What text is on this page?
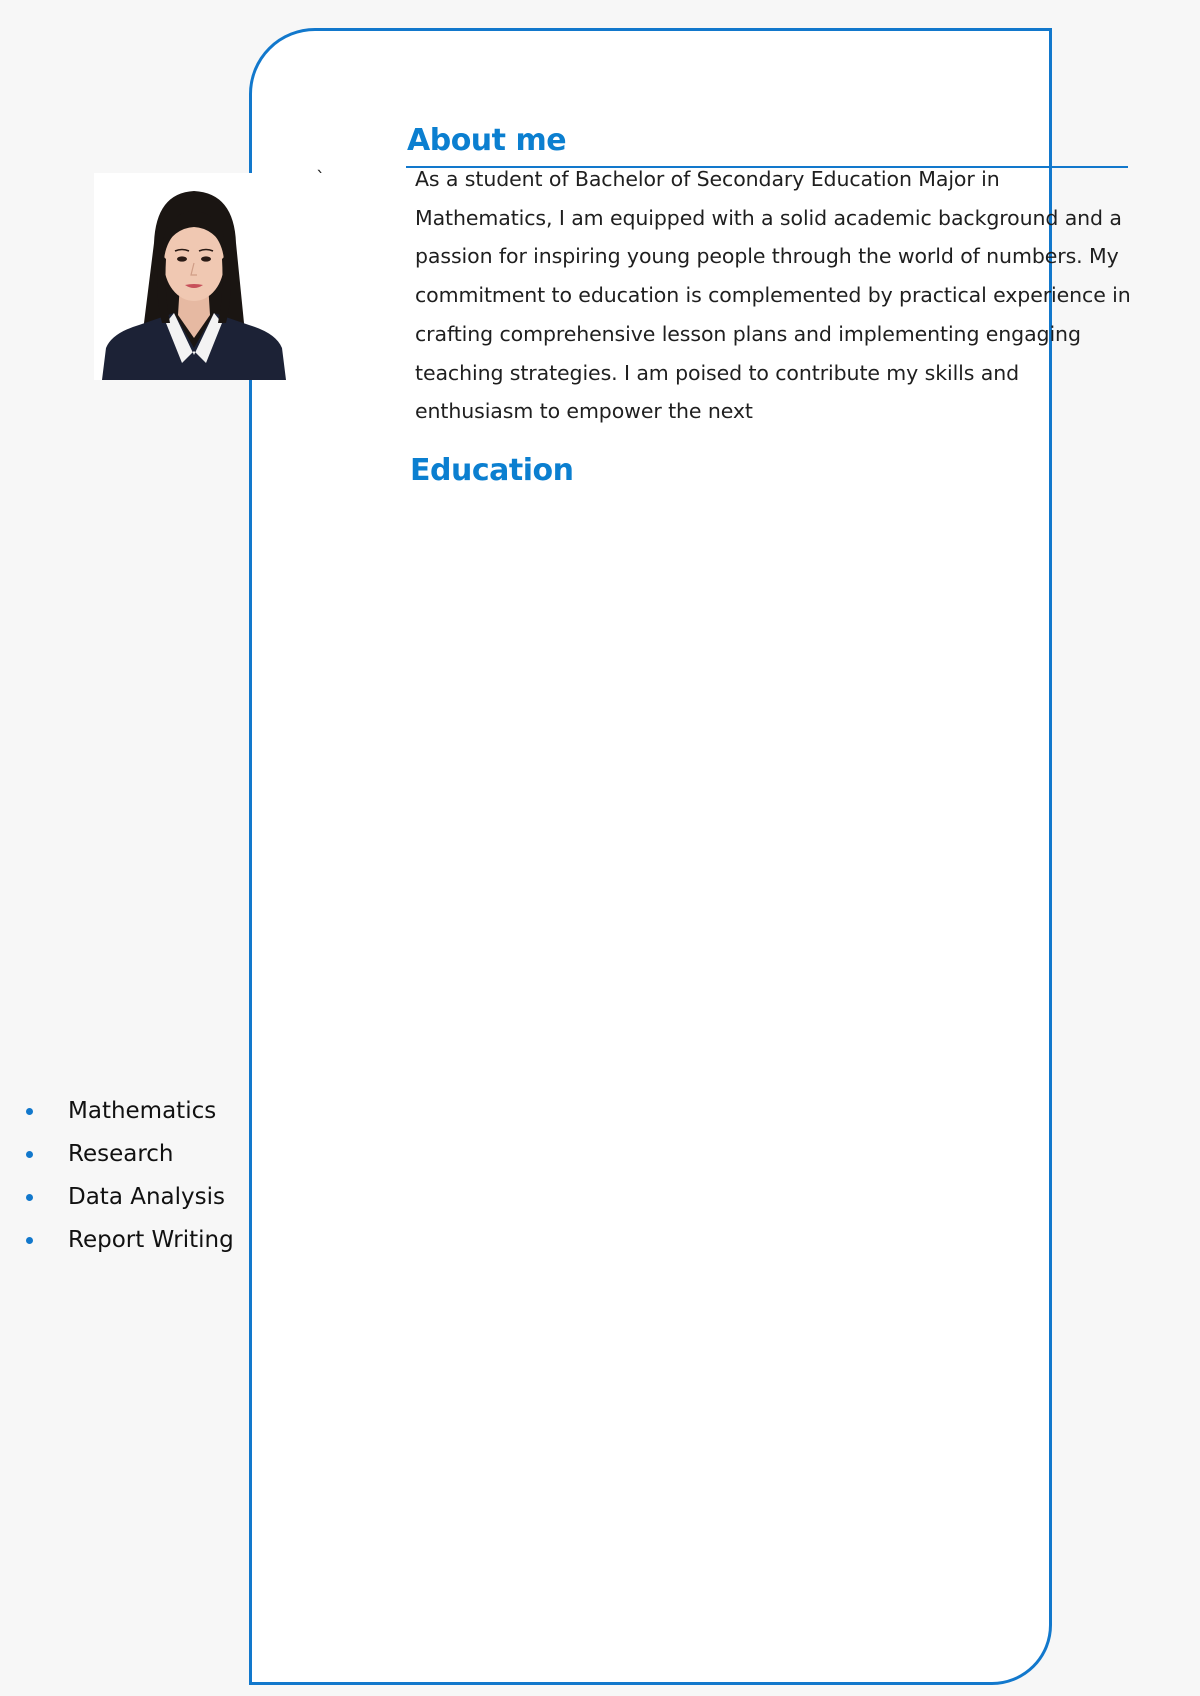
`
About me

As a student of Bachelor of Secondary Education Major in Mathematics, I am equipped with a solid academic background and a passion for inspiring young people through the world of numbers. My commitment to education is complemented by practical experience in crafting comprehensive lesson plans and implementing engaging teaching strategies. I am poised to contribute my skills and enthusiasm to empower the next

Education
Mathematics
Research
Data Analysis
Report Writing
